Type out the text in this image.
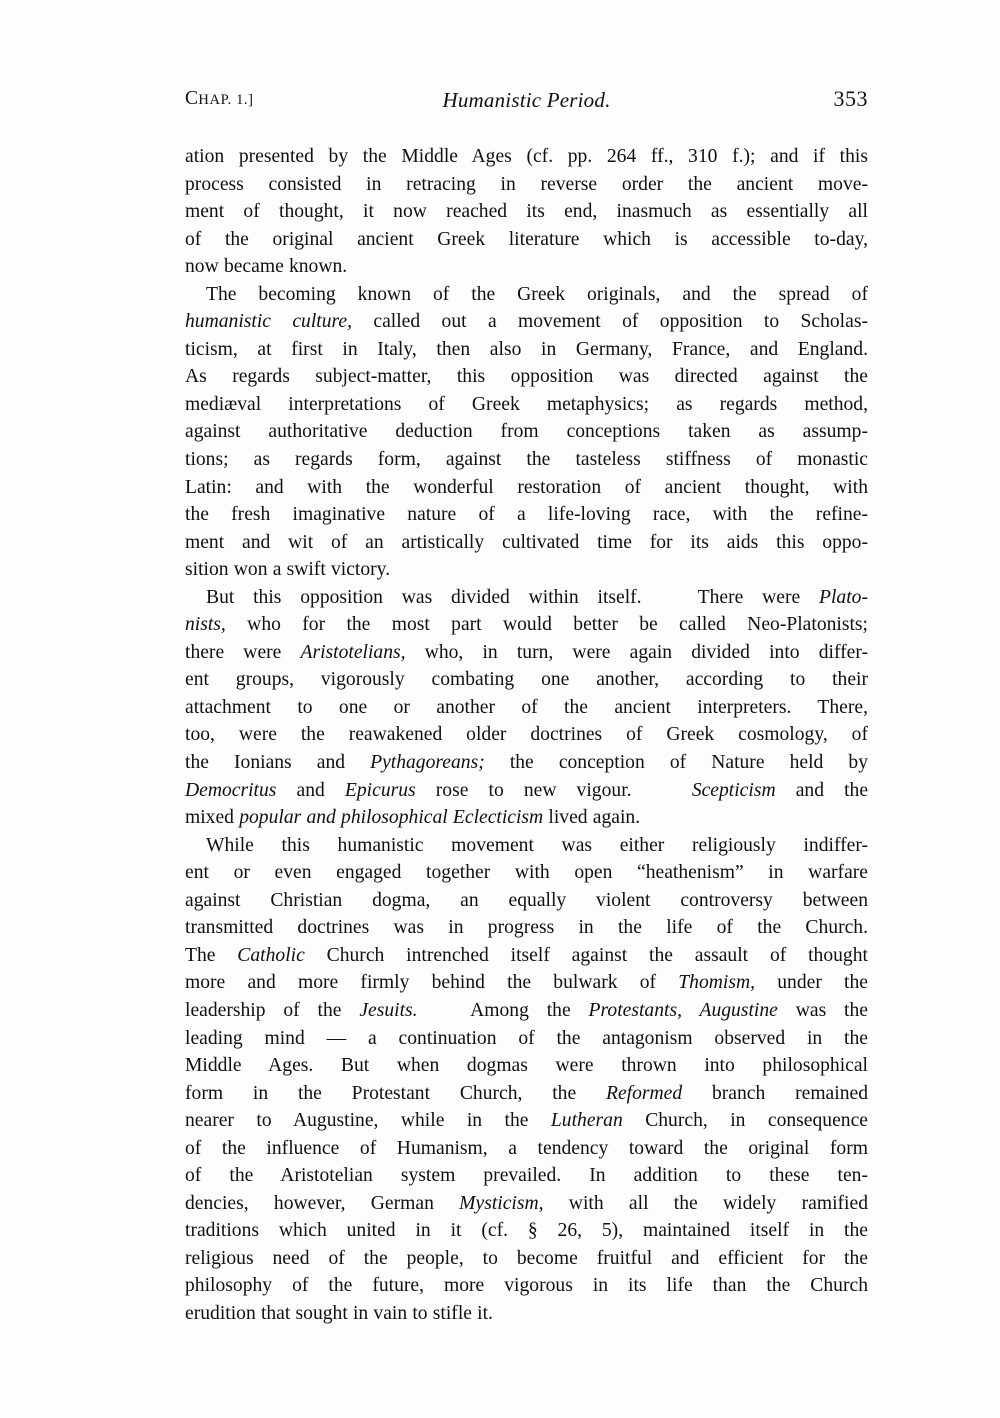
CHAP. 1.]	Humanistic Period.	353

ation presented by the Middle Ages (cf. pp. 264 ff., 310 f.); and if this
process consisted in retracing in reverse order the ancient move-
ment of thought, it now reached its end, inasmuch as essentially all
of the original ancient Greek literature which is accessible to-day,
now became known.

The becoming known of the Greek originals, and the spread of
humanistic culture, called out a movement of opposition to Scholas-
ticism, at first in Italy, then also in Germany, France, and England.
As regards subject-matter, this opposition was directed against the
mediæval interpretations of Greek metaphysics; as regards method,
against authoritative deduction from conceptions taken as assump-
tions; as regards form, against the tasteless stiffness of monastic
Latin: and with the wonderful restoration of ancient thought, with
the fresh imaginative nature of a life-loving race, with the refine-
ment and wit of an artistically cultivated time for its aids this oppo-
sition won a swift victory.

But this opposition was divided within itself.   There were Plato-
nists, who for the most part would better be called Neo-Platonists;
there were Aristotelians, who, in turn, were again divided into differ-
ent groups, vigorously combating one another, according to their
attachment to one or another of the ancient interpreters. There,
too, were the reawakened older doctrines of Greek cosmology, of
the Ionians and Pythagoreans; the conception of Nature held by
Democritus and Epicurus rose to new vigour.   Scepticism and the
mixed popular and philosophical Eclecticism lived again.

While this humanistic movement was either religiously indiffer-
ent or even engaged together with open “heathenism” in warfare
against Christian dogma, an equally violent controversy between
transmitted doctrines was in progress in the life of the Church.
The Catholic Church intrenched itself against the assault of thought
more and more firmly behind the bulwark of Thomism, under the
leadership of the Jesuits.   Among the Protestants, Augustine was the
leading mind — a continuation of the antagonism observed in the
Middle Ages. But when dogmas were thrown into philosophical
form in the Protestant Church, the Reformed branch remained
nearer to Augustine, while in the Lutheran Church, in consequence
of the influence of Humanism, a tendency toward the original form
of the Aristotelian system prevailed. In addition to these ten-
dencies, however, German Mysticism, with all the widely ramified
traditions which united in it (cf. § 26, 5), maintained itself in the
religious need of the people, to become fruitful and efficient for the
philosophy of the future, more vigorous in its life than the Church
erudition that sought in vain to stifle it.
